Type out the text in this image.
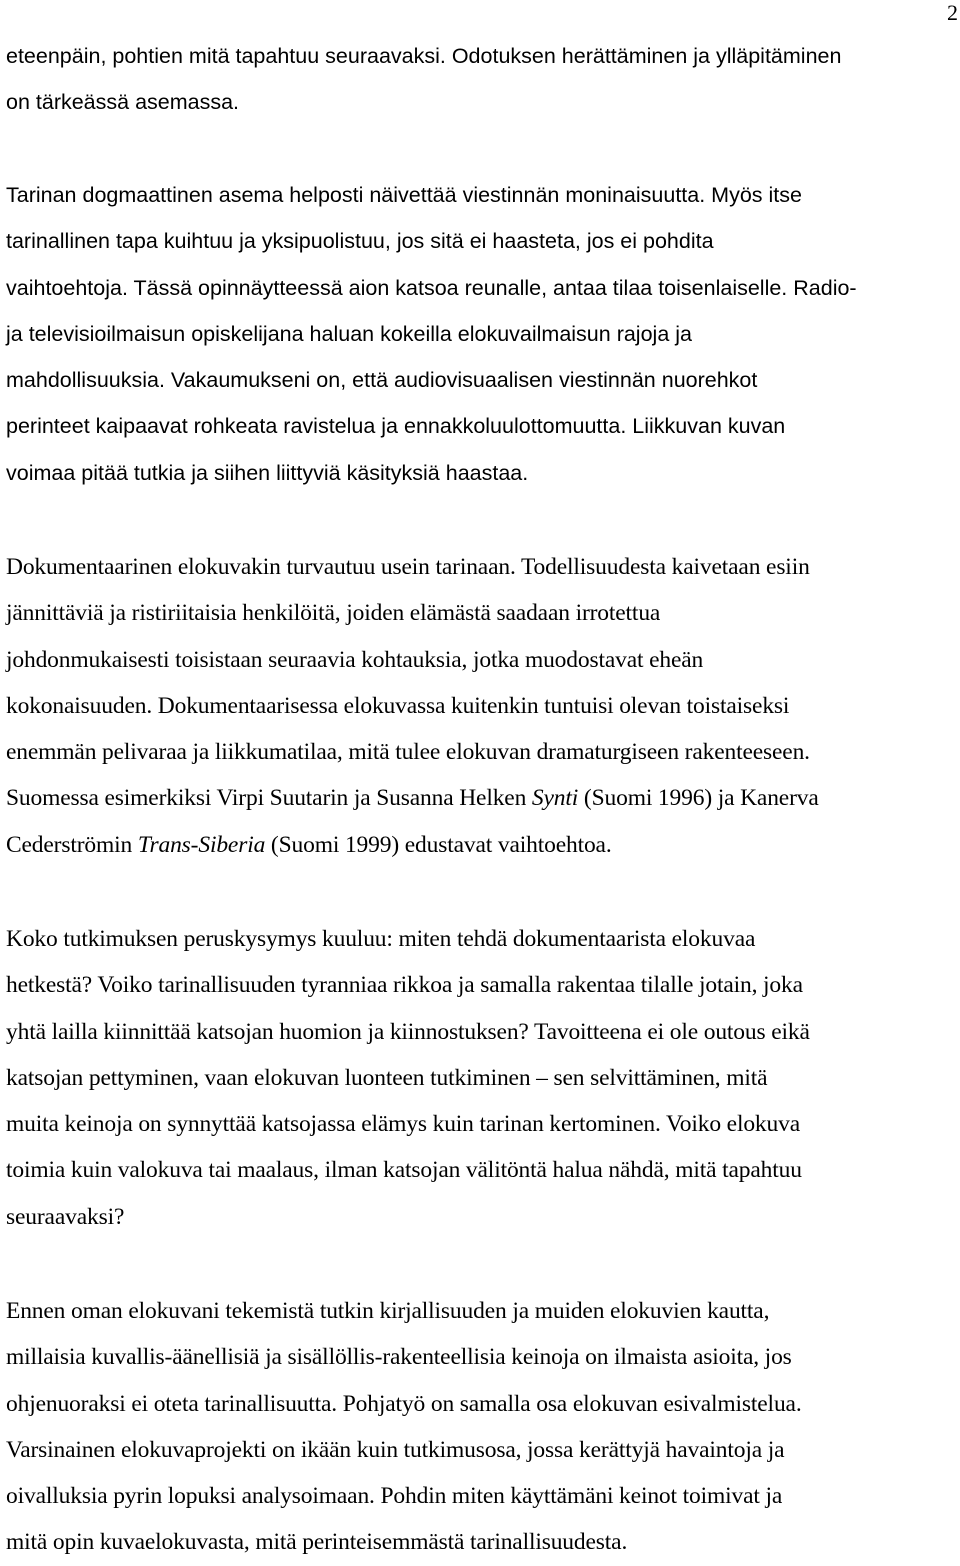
2

eteenpäin, pohtien mitä tapahtuu seuraavaksi. Odotuksen herättäminen ja ylläpitäminen
on tärkeässä asemassa.

Tarinan dogmaattinen asema helposti näivettää viestinnän moninaisuutta. Myös itse
tarinallinen tapa kuihtuu ja yksipuolistuu, jos sitä ei haasteta, jos ei pohdita
vaihtoehtoja. Tässä opinnäytteessä aion katsoa reunalle, antaa tilaa toisenlaiselle. Radio-
ja televisioilmaisun opiskelijana haluan kokeilla elokuvailmaisun rajoja ja
mahdollisuuksia. Vakaumukseni on, että audiovisuaalisen viestinnän nuorehkot
perinteet kaipaavat rohkeata ravistelua ja ennakkoluulottomuutta. Liikkuvan kuvan
voimaa pitää tutkia ja siihen liittyviä käsityksiä haastaa.

Dokumentaarinen elokuvakin turvautuu usein tarinaan. Todellisuudesta kaivetaan esiin
jännittäviä ja ristiriitaisia henkilöitä, joiden elämästä saadaan irrotettua
johdonmukaisesti toisistaan seuraavia kohtauksia, jotka muodostavat eheän
kokonaisuuden. Dokumentaarisessa elokuvassa kuitenkin tuntuisi olevan toistaiseksi
enemmän pelivaraa ja liikkumatilaa, mitä tulee elokuvan dramaturgiseen rakenteeseen.
Suomessa esimerkiksi Virpi Suutarin ja Susanna Helken Synti (Suomi 1996) ja Kanerva
Cederströmin Trans-Siberia (Suomi 1999) edustavat vaihtoehtoa.

Koko tutkimuksen peruskysymys kuuluu: miten tehdä dokumentaarista elokuvaa
hetkestä? Voiko tarinallisuuden tyranniaa rikkoa ja samalla rakentaa tilalle jotain, joka
yhtä lailla kiinnittää katsojan huomion ja kiinnostuksen? Tavoitteena ei ole outous eikä
katsojan pettyminen, vaan elokuvan luonteen tutkiminen – sen selvittäminen, mitä
muita keinoja on synnyttää katsojassa elämys kuin tarinan kertominen. Voiko elokuva
toimia kuin valokuva tai maalaus, ilman katsojan välitöntä halua nähdä, mitä tapahtuu
seuraavaksi?

Ennen oman elokuvani tekemistä tutkin kirjallisuuden ja muiden elokuvien kautta,
millaisia kuvallis-äänellisiä ja sisällöllis-rakenteellisia keinoja on ilmaista asioita, jos
ohjenuoraksi ei oteta tarinallisuutta. Pohjatyö on samalla osa elokuvan esivalmistelua.
Varsinainen elokuvaprojekti on ikään kuin tutkimusosa, jossa kerättyjä havaintoja ja
oivalluksia pyrin lopuksi analysoimaan. Pohdin miten käyttämäni keinot toimivat ja
mitä opin kuvaelokuvasta, mitä perinteisemmästä tarinallisuudesta.
